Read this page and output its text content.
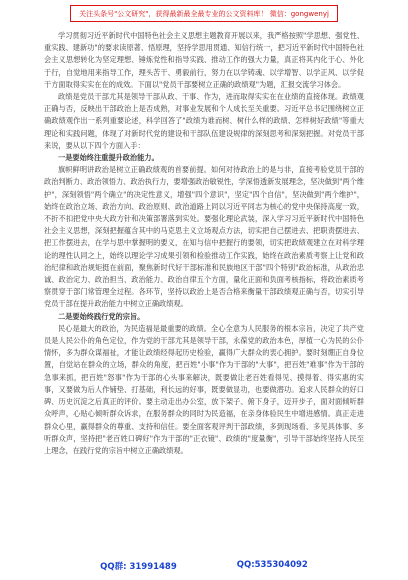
关注头条号"公文研究"，获得最新最全最专业的公文资料库！ 微信：gongwenyj

学习贯彻习近平新时代中国特色社会主义思想主题教育开展以来，我严格按照"学思想、强党性、重实践、建新功"的要求读原著、悟原理，坚持学思用贯通、知信行统一，把习近平新时代中国特色社会主义思想转化为坚定理想、锤炼党性和指导实践、推动工作的强大力量，真正将其内化于心、外化于行，自觉地用来指导工作，理头苦干、勇毅前行，努力在以学铸魂、以学增智、以学正风、以学促干方面取得实实在在的成效。下面以"党员干部要树立正确的政绩观"为题，汇报交流学习体会。

政绩是党员干部尤其是领导干部从政、干事、作为，进而取得实实在在业绩的直接体现。政绩观正确与否，反映出干部政治上是否成熟，对事业发展和个人成长至关重要。习近平总书记围绕树立正确政绩观作出一系列重要论述，科学回答了"政绩为谁而树、树什么样的政绩、怎样树好政绩"等重大理论和实践问题，体现了对新时代党的建设和干部队伍建设规律的深刻思考和深刻把握。对党员干部来说，要从以下四个方面入手：

一是要始终注重提升政治能力。

旗帜鲜明讲政治是树立正确政绩观的首要前提。如何对待政治上的是与非，直接考验党员干部的政治判断力、政治领悟力、政治执行力，要增强政治敏锐性，学深悟透新发展理念，坚决做到"两个维护"，深刻领悟"两个确立"的决定性意义，增强"四个意识"，坚定"四个自信"，坚决做到"两个维护"，始终在政治立场、政治方向、政治原则、政治道路上同以习近平同志为核心的党中央保持高度一致，不折不扣把党中央大政方针和决策部署落到实处。要强化理论武装，深入学习习近平新时代中国特色社会主义思想，深刻把握蕴含其中的马克思主义立场观点方法，切实把自己摆进去、把职责摆进去、把工作摆进去，在学与思中掌握明的要义，在知与信中把握行的要领，切实把政绩观建立在对科学理论的理性认同之上，始终以理论学习成果引领和检验推动工作实践，始终在政治素质考察上让党和政治纪律和政治规矩挺在前面，聚焦新时代好干部标准和民族地区干部"四个特别"政治标准，从政治忠诚、政治定力、政治担当、政治能力、政治自律五个方面，量化正面和负面考核指标，将政治素质考察贯穿于部门常管理全过程。各环节，坚持以政治上是否合格来衡量干部政绩观正确与否，切实引导党员干部在提升政治能力中树立正确政绩观。

二是要始终践行党的宗旨。

民心是最大的政治，为民造福是最重要的政绩。全心全意为人民服务的根本宗旨，决定了共产党员是人民公仆的角色定位，作为党的干部尤其是领导干部，永葆党的政治本色，厚植一心为民的公仆情怀，多为群众谋福祉，才能让政绩经得起历史检验，赢得广大群众的衷心拥护。要时刻绷正自身位置，自觉站在群众的立场，群众的角度，把百姓"小事"作为干部的"大事"，把百姓"难事"作为干部的急事来抓，把百姓"怒事"作为干部的心头事来解决，既要做让老百姓看得见、摸得着、得实惠的实事，又要做为后人作铺垫、打基础，利长远的好事，既要做显功，也要做潜功。追求人民群众的好口碑、历史沉淀之后真正的评价。要主动走出办公室，放下架子、俯下身子，迈开步子，面对面倾听群众呼声，心贴心倾听群众诉求，在服务群众的同时为民造福，在亲身体验民生中增进感情。真正走进群众心里，赢得群众的尊重、支持和信任。要全面客观评判干部政绩，多到现场看、多见具体事、多听群众声，坚持把"老百姓口碑好"作为干部的"正衣镜"、政绩的"度量衡"，引导干部始终坚持人民至上理念，在践行党的宗旨中树立正确政绩观。

QQ群: 31991489	QQ:535304092
